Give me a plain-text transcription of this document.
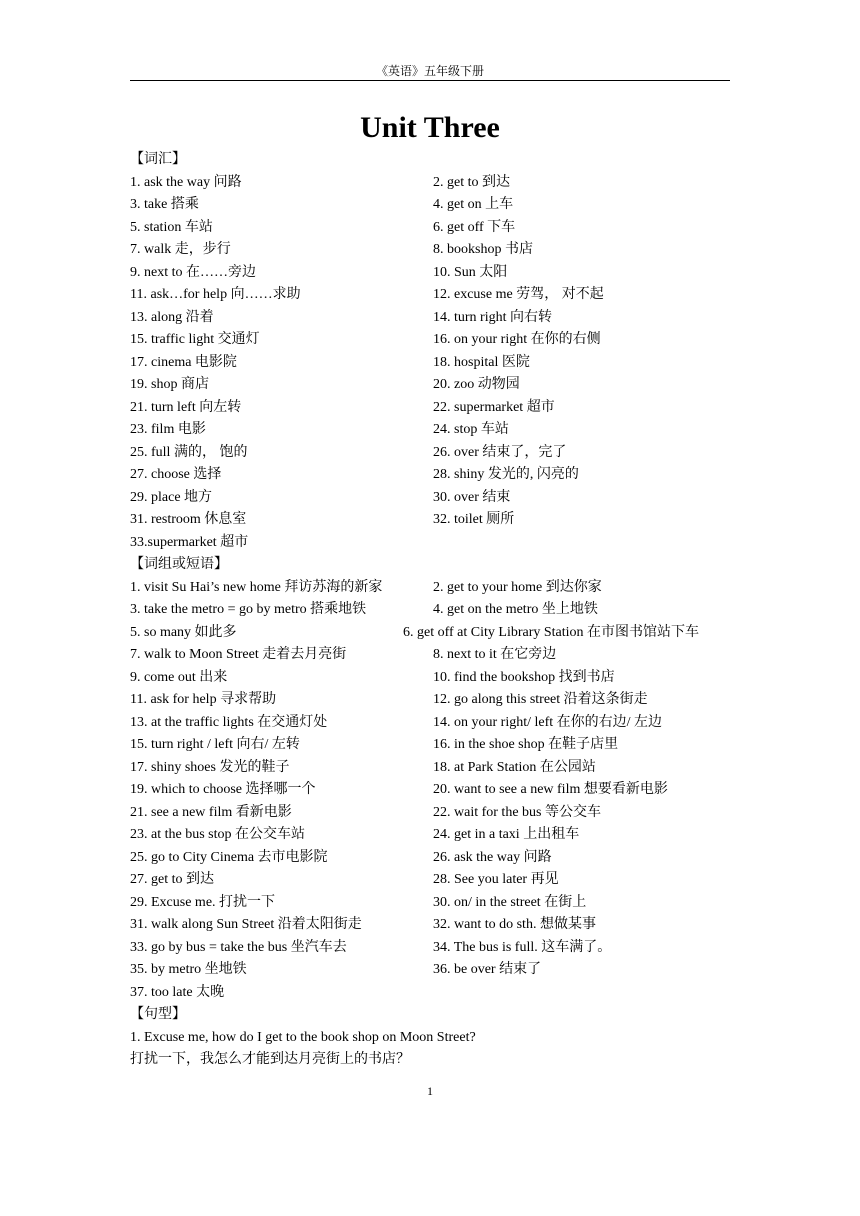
《英语》五年级下册
Unit Three
【词汇】
1. ask the way 问路	2. get to 到达
3. take 搭乘	4. get on 上车
5. station 车站	6. get off 下车
7. walk 走，步行	8. bookshop 书店
9. next to 在……旁边	10. Sun 太阳
11. ask…for help 向……求助	12. excuse me 劳驾， 对不起
13. along 沿着	14. turn right 向右转
15. traffic light 交通灯	16. on your right 在你的右侧
17. cinema 电影院	18. hospital 医院
19. shop 商店	20. zoo 动物园
21. turn left 向左转	22. supermarket 超市
23. film 电影	24. stop 车站
25. full 满的， 饱的	26. over 结束了，完了
27. choose 选择	28. shiny 发光的, 闪亮的
29. place 地方	30. over 结束
31. restroom 休息室	32. toilet 厕所
33.supermarket 超市
【词组或短语】
1. visit Su Hai’s new home 拜访苏海的新家	2. get to your home 到达你家
3. take the metro = go by metro 搭乘地铁	4. get on the metro 坐上地铁
5. so many 如此多	6. get off at City Library Station 在市图书馆站下车
7. walk to Moon Street 走着去月亮街	8. next to it 在它旁边
9. come out 出来	10. find the bookshop 找到书店
11. ask for help 寻求帮助	12. go along this street 沿着这条街走
13. at the traffic lights 在交通灯处	14. on your right/ left 在你的右边/ 左边
15. turn right / left 向右/ 左转	16. in the shoe shop 在鞋子店里
17. shiny shoes 发光的鞋子	18. at Park Station 在公园站
19. which to choose 选择哪一个	20. want to see a new film 想要看新电影
21. see a new film 看新电影	22. wait for the bus 等公交车
23. at the bus stop 在公交车站	24. get in a taxi 上出租车
25. go to City Cinema 去市电影院	26. ask the way 问路
27. get to 到达	28. See you later 再见
29. Excuse me. 打扰一下	30. on/ in the street 在街上
31. walk along Sun Street 沿着太阳街走	32. want to do sth. 想做某事
33. go by bus = take the bus 坐汽车去	34. The bus is full. 这车满了。
35. by metro 坐地铁	36. be over 结束了
37. too late 太晚
【句型】
1. Excuse me, how do I get to the book shop on Moon Street?
打扰一下，我怎么才能到达月亮街上的书店？
1
